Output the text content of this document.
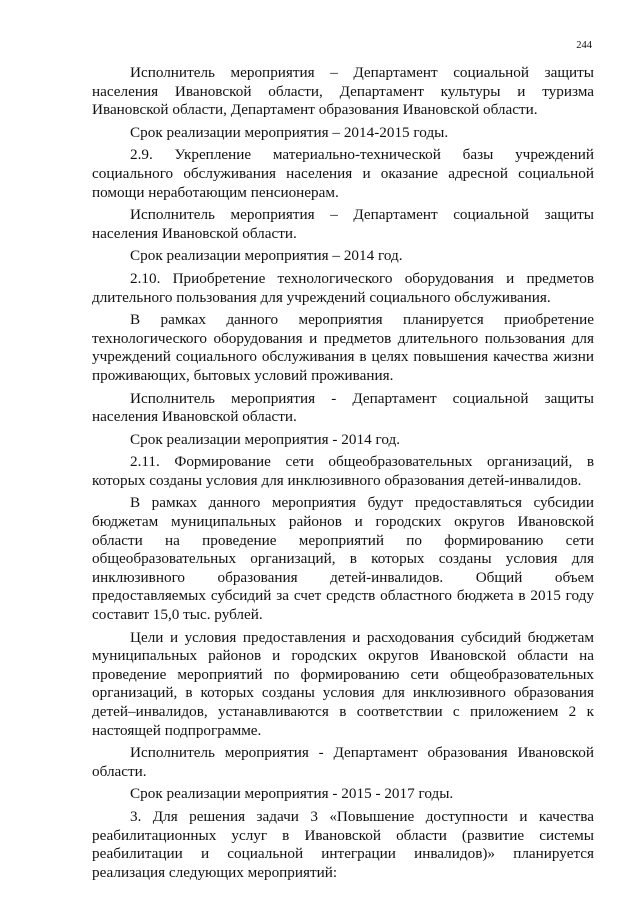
244

Исполнитель мероприятия – Департамент социальной защиты населения Ивановской области, Департамент культуры и туризма Ивановской области, Департамент образования Ивановской области.

Срок реализации мероприятия – 2014-2015 годы.

2.9. Укрепление материально-технической базы учреждений социального обслуживания населения и оказание адресной социальной помощи неработающим пенсионерам.

Исполнитель мероприятия – Департамент социальной защиты населения Ивановской области.

Срок реализации мероприятия – 2014 год.

2.10. Приобретение технологического оборудования и предметов длительного пользования для учреждений социального обслуживания.

В рамках данного мероприятия планируется приобретение технологического оборудования и предметов длительного пользования для учреждений социального обслуживания в целях повышения качества жизни проживающих, бытовых условий проживания.

Исполнитель мероприятия - Департамент социальной защиты населения Ивановской области.

Срок реализации мероприятия - 2014 год.

2.11. Формирование сети общеобразовательных организаций, в которых созданы условия для инклюзивного образования детей-инвалидов.

В рамках данного мероприятия будут предоставляться субсидии бюджетам муниципальных районов и городских округов Ивановской области на проведение мероприятий по формированию сети общеобразовательных организаций, в которых созданы условия для инклюзивного образования детей-инвалидов. Общий объем предоставляемых субсидий за счет средств областного бюджета в 2015 году составит 15,0 тыс. рублей.

Цели и условия предоставления и расходования субсидий бюджетам муниципальных районов и городских округов Ивановской области на проведение мероприятий по формированию сети общеобразовательных организаций, в которых созданы условия для инклюзивного образования детей–инвалидов, устанавливаются в соответствии с приложением 2 к настоящей подпрограмме.

Исполнитель мероприятия - Департамент образования Ивановской области.

Срок реализации мероприятия - 2015 - 2017 годы.

3. Для решения задачи 3 «Повышение доступности и качества реабилитационных услуг в Ивановской области (развитие системы реабилитации и социальной интеграции инвалидов)» планируется реализация следующих мероприятий:
